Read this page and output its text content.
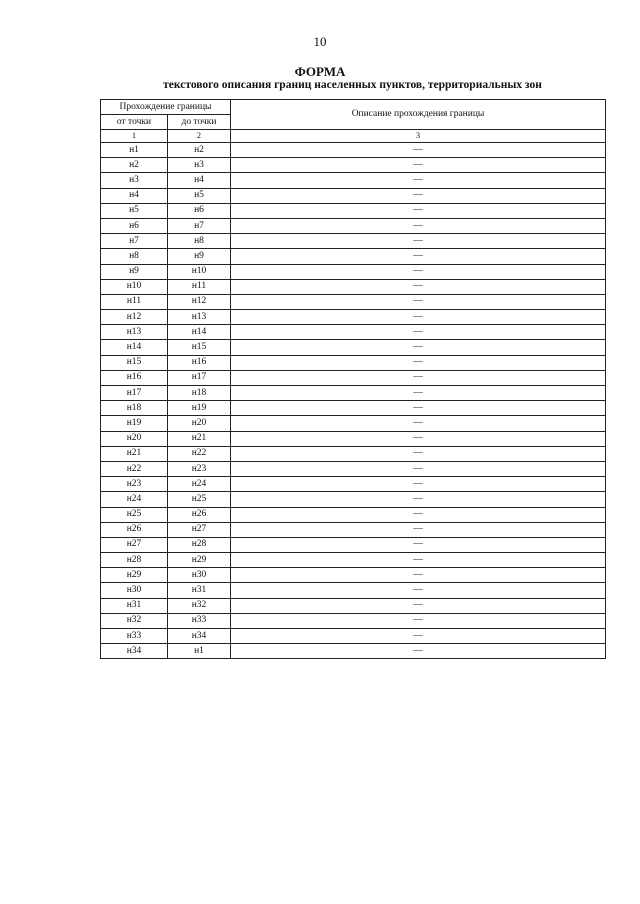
10
ФОРМА
текстового описания границ населенных пунктов, территориальных зон
Прохождение границы		Описание прохождения границы
от точки	до точки	
1	2	3
н1	н2	—
н2	н3	—
н3	н4	—
н4	н5	—
н5	н6	—
н6	н7	—
н7	н8	—
н8	н9	—
н9	н10	—
н10	н11	—
н11	н12	—
н12	н13	—
н13	н14	—
н14	н15	—
н15	н16	—
н16	н17	—
н17	н18	—
н18	н19	—
н19	н20	—
н20	н21	—
н21	н22	—
н22	н23	—
н23	н24	—
н24	н25	—
н25	н26	—
н26	н27	—
н27	н28	—
н28	н29	—
н29	н30	—
н30	н31	—
н31	н32	—
н32	н33	—
н33	н34	—
н34	н1	—
